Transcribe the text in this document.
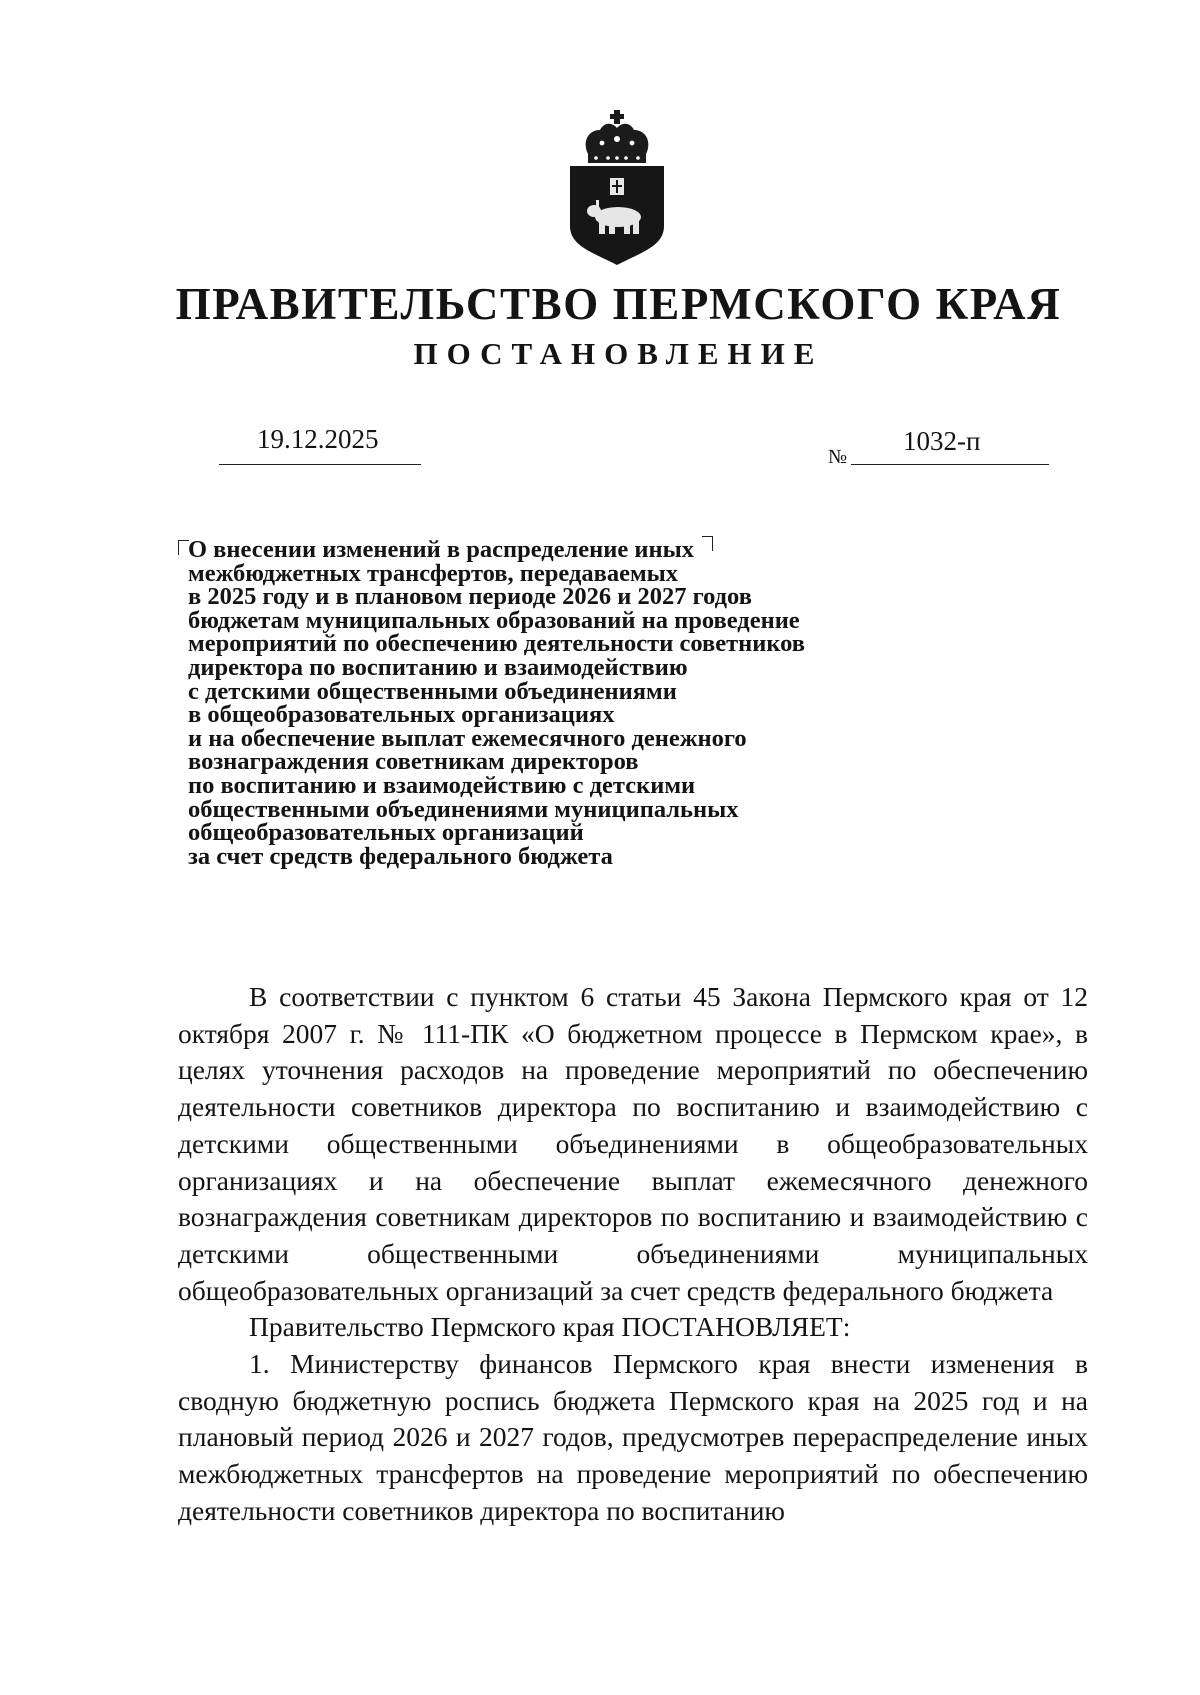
ПРАВИТЕЛЬСТВО ПЕРМСКОГО КРАЯ
ПОСТАНОВЛЕНИЕ
19.12.2025
№
1032-п
О внесении изменений в распределение иных
межбюджетных трансфертов, передаваемых
в 2025 году и в плановом периоде 2026 и 2027 годов
бюджетам муниципальных образований на проведение
мероприятий по обеспечению деятельности советников
директора по воспитанию и взаимодействию
с детскими общественными объединениями
в общеобразовательных организациях
и на обеспечение выплат ежемесячного денежного
вознаграждения советникам директоров
по воспитанию и взаимодействию с детскими
общественными объединениями муниципальных
общеобразовательных организаций
за счет средств федерального бюджета

В соответствии с пунктом 6 статьи 45 Закона Пермского края от 12 октября 2007 г. № 111-ПК «О бюджетном процессе в Пермском крае», в целях уточнения расходов на проведение мероприятий по обеспечению деятельности советников директора по воспитанию и взаимодействию с детскими общественными объединениями в общеобразовательных организациях и на обеспечение выплат ежемесячного денежного вознаграждения советникам директоров по воспитанию и взаимодействию с детскими общественными объединениями муниципальных общеобразовательных организаций за счет средств федерального бюджета

Правительство Пермского края ПОСТАНОВЛЯЕТ:

1. Министерству финансов Пермского края внести изменения в сводную бюджетную роспись бюджета Пермского края на 2025 год и на плановый период 2026 и 2027 годов, предусмотрев перераспределение иных межбюджетных трансфертов на проведение мероприятий по обеспечению деятельности советников директора по воспитанию
